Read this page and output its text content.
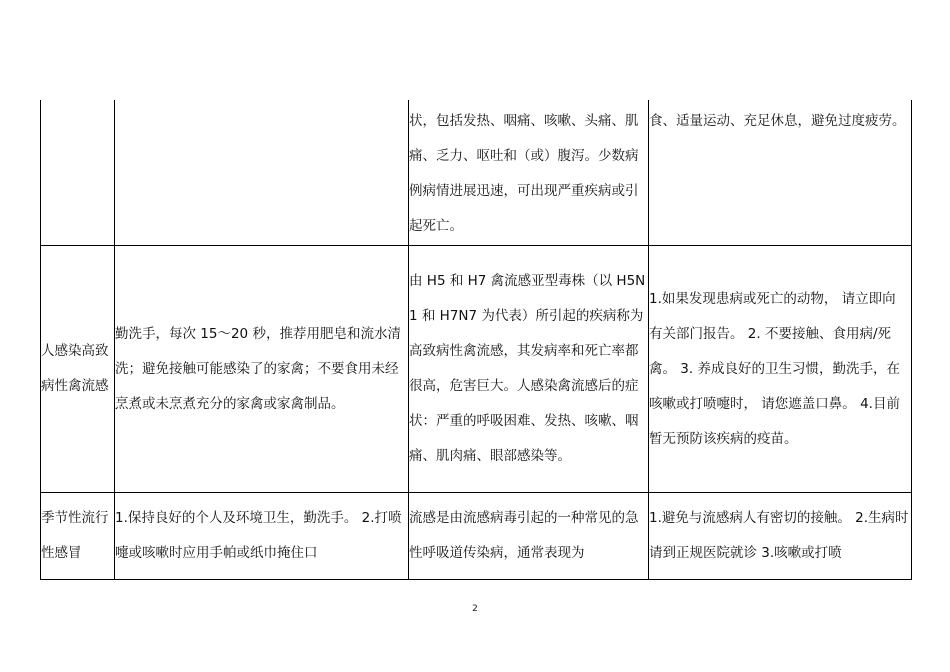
		状，包括发热、咽痛、咳嗽、头痛、肌痛、乏力、呕吐和（或）腹泻。少数病例病情进展迅速，可出现严重疾病或引起死亡。	食、适量运动、充足休息，避免过度疲劳。

人感染高致病性禽流感	勤洗手，每次 15～20 秒，推荐用肥皂和流水清洗；避免接触可能感染了的家禽；不要食用未经烹煮或未烹煮充分的家禽或家禽制品。	由 H5 和 H7 禽流感亚型毒株（以 H5N1 和 H7N7 为代表）所引起的疾病称为高致病性禽流感，其发病率和死亡率都很高，危害巨大。人感染禽流感后的症状：严重的呼吸困难、发热、咳嗽、咽痛、肌肉痛、眼部感染等。	1.如果发现患病或死亡的动物， 请立即向有关部门报告。 2. 不要接触、食用病/死禽。 3. 养成良好的卫生习惯，勤洗手，在咳嗽或打喷嚏时， 请您遮盖口鼻。 4.目前暂无预防该疾病的疫苗。

季节性流行性感冒	1.保持良好的个人及环境卫生，勤洗手。 2.打喷嚏或咳嗽时应用手帕或纸巾掩住口	流感是由流感病毒引起的一种常见的急性呼吸道传染病，通常表现为	1.避免与流感病人有密切的接触。 2.生病时请到正规医院就诊 3.咳嗽或打喷
2
